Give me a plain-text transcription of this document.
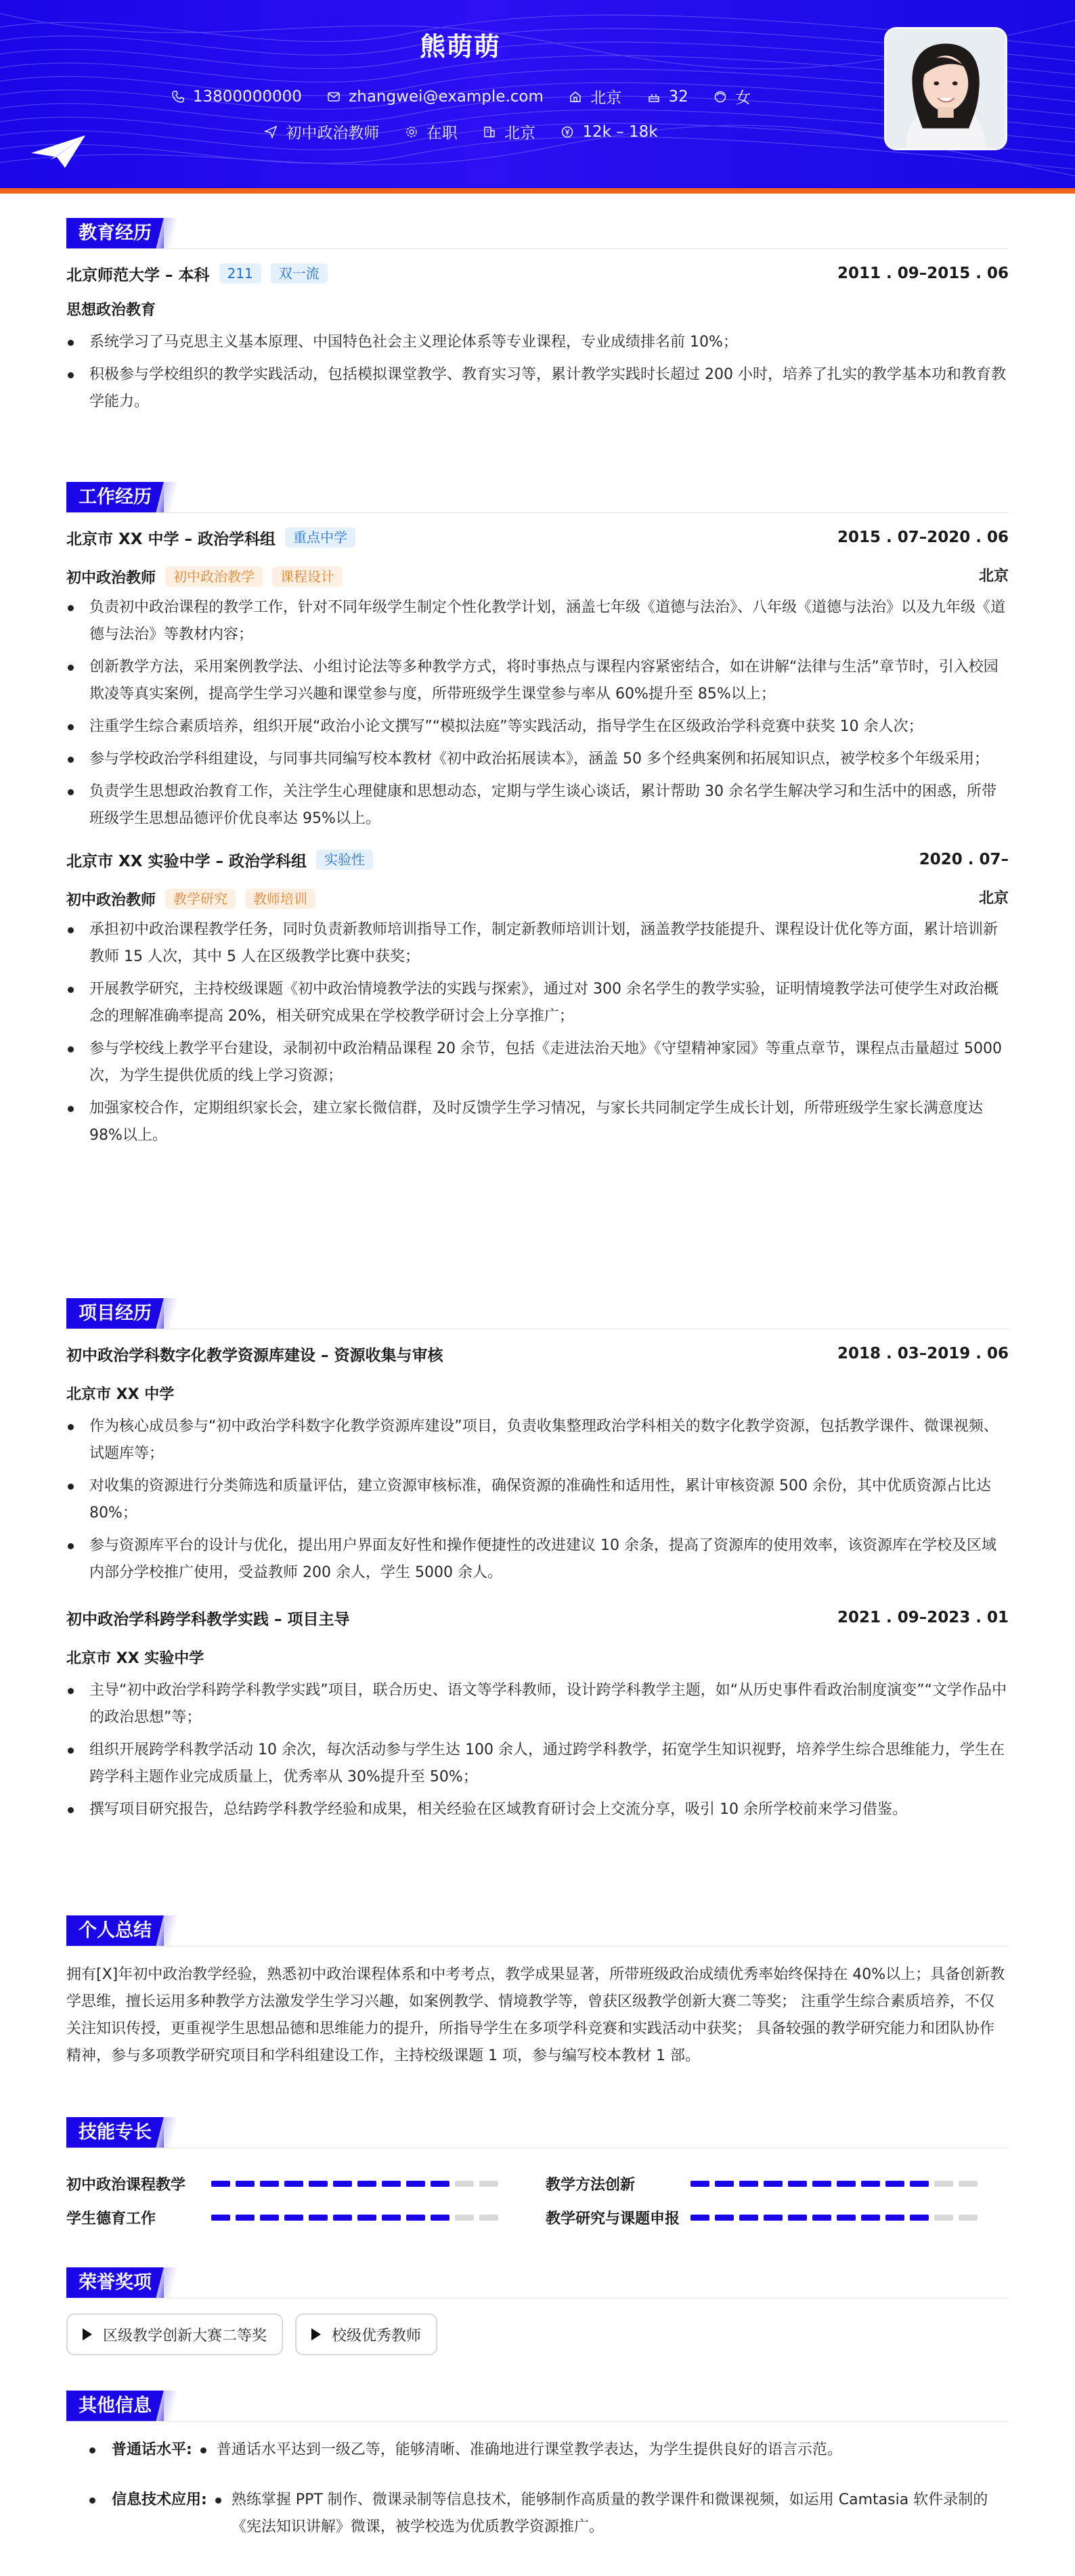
熊萌萌
13800000000
	zhangwei@example.com
	北京
	32
	女
初中政治教师
	在职
	北京
	12k – 18k
教育经历
北京师范大学 – 本科	211	双一流	2011 . 09–2015 . 06
思想政治教育
系统学习了马克思主义基本原理、中国特色社会主义理论体系等专业课程，专业成绩排名前 10%；
积极参与学校组织的教学实践活动，包括模拟课堂教学、教育实习等，累计教学实践时长超过 200 小时，培养了扎实的教学基本功和教育教学能力。
工作经历
北京市 XX 中学 – 政治学科组	重点中学	2015 . 07–2020 . 06
初中政治教师	初中政治教学	课程设计	北京
负责初中政治课程的教学工作，针对不同年级学生制定个性化教学计划，涵盖七年级《道德与法治》、八年级《道德与法治》以及九年级《道德与法治》等教材内容；
创新教学方法，采用案例教学法、小组讨论法等多种教学方式，将时事热点与课程内容紧密结合，如在讲解“法律与生活”章节时，引入校园欺凌等真实案例，提高学生学习兴趣和课堂参与度，所带班级学生课堂参与率从 60%提升至 85%以上；
注重学生综合素质培养，组织开展“政治小论文撰写”“模拟法庭”等实践活动，指导学生在区级政治学科竞赛中获奖 10 余人次；
参与学校政治学科组建设，与同事共同编写校本教材《初中政治拓展读本》，涵盖 50 多个经典案例和拓展知识点，被学校多个年级采用；
负责学生思想政治教育工作，关注学生心理健康和思想动态，定期与学生谈心谈话，累计帮助 30 余名学生解决学习和生活中的困惑，所带班级学生思想品德评价优良率达 95%以上。
北京市 XX 实验中学 – 政治学科组	实验性	2020 . 07–
初中政治教师	教学研究	教师培训	北京
承担初中政治课程教学任务，同时负责新教师培训指导工作，制定新教师培训计划，涵盖教学技能提升、课程设计优化等方面，累计培训新教师 15 人次，其中 5 人在区级教学比赛中获奖；
开展教学研究，主持校级课题《初中政治情境教学法的实践与探索》，通过对 300 余名学生的教学实验，证明情境教学法可使学生对政治概念的理解准确率提高 20%，相关研究成果在学校教学研讨会上分享推广；
参与学校线上教学平台建设，录制初中政治精品课程 20 余节，包括《走进法治天地》《守望精神家园》等重点章节，课程点击量超过 5000 次，为学生提供优质的线上学习资源；
加强家校合作，定期组织家长会，建立家长微信群，及时反馈学生学习情况，与家长共同制定学生成长计划，所带班级学生家长满意度达 98%以上。
项目经历
初中政治学科数字化教学资源库建设 – 资源收集与审核	2018 . 03–2019 . 06
北京市 XX 中学
作为核心成员参与“初中政治学科数字化教学资源库建设”项目，负责收集整理政治学科相关的数字化教学资源，包括教学课件、微课视频、试题库等；
对收集的资源进行分类筛选和质量评估，建立资源审核标准，确保资源的准确性和适用性，累计审核资源 500 余份，其中优质资源占比达 80%；
参与资源库平台的设计与优化，提出用户界面友好性和操作便捷性的改进建议 10 余条，提高了资源库的使用效率，该资源库在学校及区域内部分学校推广使用，受益教师 200 余人，学生 5000 余人。
初中政治学科跨学科教学实践 – 项目主导	2021 . 09–2023 . 01
北京市 XX 实验中学
主导“初中政治学科跨学科教学实践”项目，联合历史、语文等学科教师，设计跨学科教学主题，如“从历史事件看政治制度演变”“文学作品中的政治思想”等；
组织开展跨学科教学活动 10 余次，每次活动参与学生达 100 余人，通过跨学科教学，拓宽学生知识视野，培养学生综合思维能力，学生在跨学科主题作业完成质量上，优秀率从 30%提升至 50%；
撰写项目研究报告，总结跨学科教学经验和成果，相关经验在区域教育研讨会上交流分享，吸引 10 余所学校前来学习借鉴。
个人总结
拥有[X]年初中政治教学经验，熟悉初中政治课程体系和中考考点，教学成果显著，所带班级政治成绩优秀率始终保持在 40%以上；具备创新教学思维，擅长运用多种教学方法激发学生学习兴趣，如案例教学、情境教学等，曾获区级教学创新大赛二等奖； 注重学生综合素质培养，不仅关注知识传授，更重视学生思想品德和思维能力的提升，所指导学生在多项学科竞赛和实践活动中获奖； 具备较强的教学研究能力和团队协作精神，参与多项教学研究项目和学科组建设工作，主持校级课题 1 项，参与编写校本教材 1 部。
技能专长
初中政治课程教学	教学方法创新
学生德育工作	教学研究与课题申报
荣誉奖项
区级教学创新大赛二等奖	校级优秀教师
其他信息
普通话水平:	普通话水平达到一级乙等，能够清晰、准确地进行课堂教学表达，为学生提供良好的语言示范。
信息技术应用:	熟练掌握 PPT 制作、微课录制等信息技术，能够制作高质量的教学课件和微课视频，如运用 Camtasia 软件录制的《宪法知识讲解》微课，被学校选为优质教学资源推广。
